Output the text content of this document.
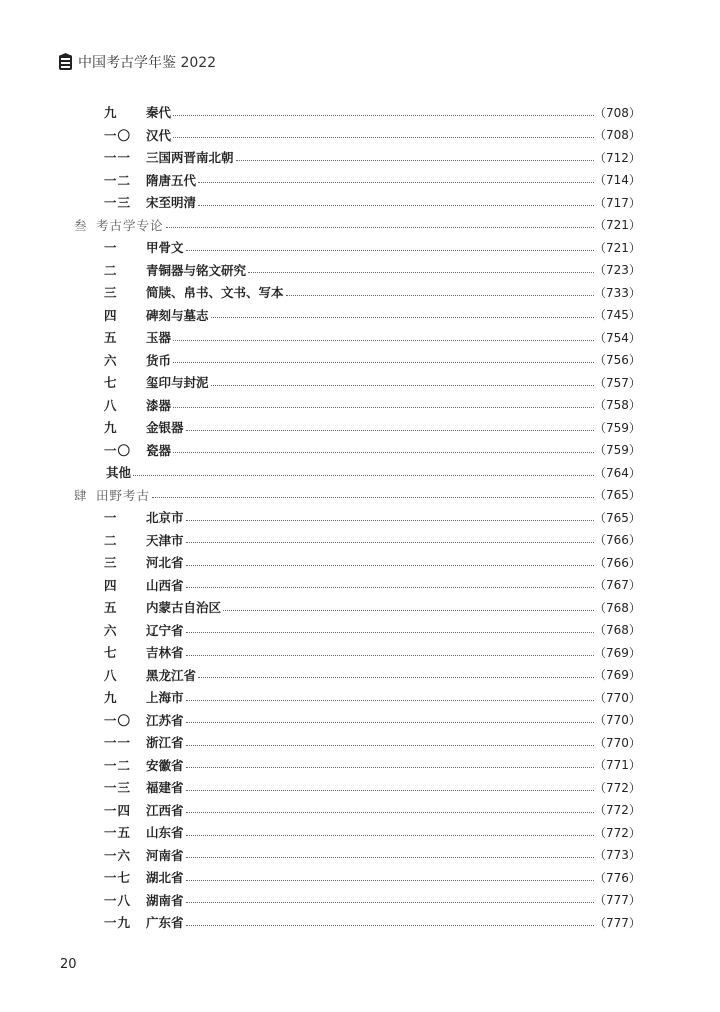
中国考古学年鉴 2022
九	秦代	（708）
一〇	汉代	（708）
一一	三国两晋南北朝	（712）
一二	隋唐五代	（714）
一三	宋至明清	（717）
叁 考古学专论	（721）
一	甲骨文	（721）
二	青铜器与铭文研究	（723）
三	简牍、帛书、文书、写本	（733）
四	碑刻与墓志	（745）
五	玉器	（754）
六	货币	（756）
七	玺印与封泥	（757）
八	漆器	（758）
九	金银器	（759）
一〇	瓷器	（759）
其他	（764）
肆 田野考古	（765）
一	北京市	（765）
二	天津市	（766）
三	河北省	（766）
四	山西省	（767）
五	内蒙古自治区	（768）
六	辽宁省	（768）
七	吉林省	（769）
八	黑龙江省	（769）
九	上海市	（770）
一〇	江苏省	（770）
一一	浙江省	（770）
一二	安徽省	（771）
一三	福建省	（772）
一四	江西省	（772）
一五	山东省	（772）
一六	河南省	（773）
一七	湖北省	（776）
一八	湖南省	（777）
一九	广东省	（777）
20
